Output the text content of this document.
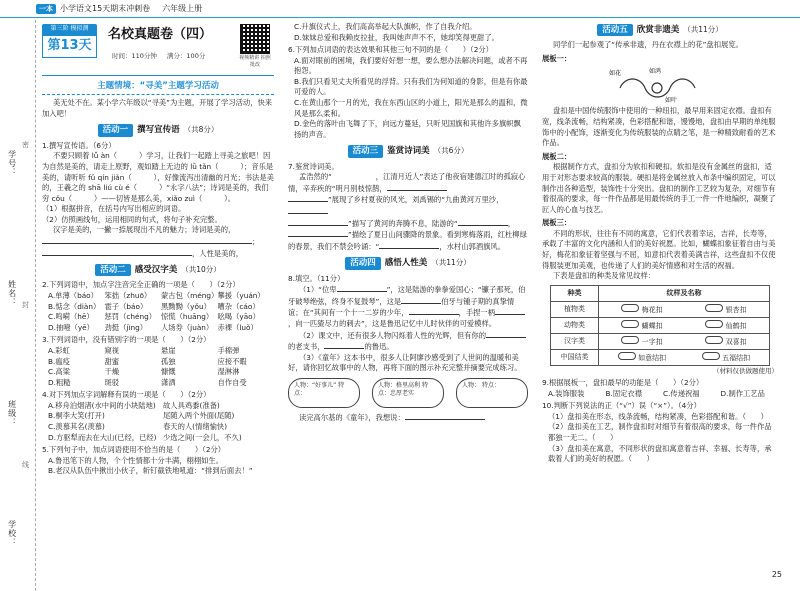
一本 小学语文15天期末冲刺卷 六年级上册
学号：
姓名：
班级：
学校：
密
封
线
第三阶 模拟测
第13天
名校真题卷（四）
时间：110分钟 满分：100分	视频精讲 拍照批改
主题情境：“寻美”主题学习活动

美无处不在。某小学六年级以“寻美”为主题，开展了学习活动，快来加入吧！

活动一	撰写宣传语 （共8分）

1.撰写宣传语。（6分）

不要只顾着 lǚ àn（　　　）学习，让我们一起踏上寻美之旅吧！因为自然是美的，请走上原野，观如踏上无边的 lǜ tǎn（　　　）；音乐是美的，请听听 fǔ qín jiǎn（　　　），好像流泻出清幽的月光；书法是美的，王羲之的 shā liú cù é（　　　）“永字八法”；诗词是美的，我们穷 cǒu（　　　）——切皆是那么美，xiǎo zuì（　　　）。

（1）根据拼音，在括号内写出相应的词语。

（2）仿照画线句，运用相同的句式，将句子补充完整。

汉字是美的，一撇一捺展现出不凡的魅力；诗词是美的，

；

，人性是美的，

活动二	感受汉字美 （共10分）

2.下列词语中，加点字注音完全正确的一项是（　　）（2分）

A.单薄（báo） 笨拙（zhuō）	蒙古包（méng） 攀援（yuán）
B.惦念（diàn） 雹子（báo）	黑黝黝（yǒu） 嘈杂（cáo）
C.鸣嗬（hē）	惩罚（chéng） 惊慌（huāng） 吆喝（yāo）
D.抽噎（yē）	劲挺（jìng）	人场券（juàn） 赤裸（luǒ）

3.下列词语中，没有错别字的一项是（　　）（2分）

A.彩虹	窥视	悬崖	手棉弹
B.瘟疫	甜蜜	孤独	应接不暇
C.高粱	干燥	慷慨	湿淋淋
D.粗糙	斑驳	潇洒	自作自受

4.对下列加点字词解释有误的一项是（　　）（2分）

A.移舟泊烟渚(水中间的小块陆地) 故人具鸡黍(准备)
B.桐李大笑(打开)	尾随入两个外面(尾随)
C.羡慕其名(羡慕)	春天的人(情绪愉快)
D.方驱犁而去在大山(已经，已经) 少选之间(一会儿，不久)

5.下列句子中，加点词语使用不恰当的是（　　）（2分）

A.鲁迅笔下的人物，个个性情都十分丰满，栩栩如生。

B.老汉从队伍中揪出小伙子，斩钉截铁地吼道：“排到后面去！”

C.升旗仪式上，我们高高举起大队旗帜，作了自我介绍。

D.妹妹总爱和我赖皮拉扯，我叫她声声不不，她却笑得更甜了。

6.下列加点词语的表达效果和其他三句不同的是（　　）（2分）

A.面对眼前的困境，我们要好好想一想，要么想办法解决问题，或者不再抱怨。

B.我们只看见丈夫所看见的浮背。只有我们为何知道的身影，但是有你最可爱的人。

C.在黄山那个一月的光，我在东西山区的小道上，阳光是那么的温和，微风是那么柔和。

D.金色的落叶由飞舞了下，向远方蔓延，只听见国旗和其他许多旗帜飘扬的声音。

活动三	鉴赏诗词美 （共6分）

7.鉴赏诗词美。

孟浩然的“　　　　　　，江清月近人”表达了他夜宿建德江时的孤寂心情，辛弃疾的“明月别枝惊鹊，

”展现了乡村夏夜的风光，刘禹锡的“九曲黄河万里沙，

”描写了黄河的奔腾不息，陆游的“	，

”描绘了夏日山间骤降的景象。看到寒梅落雨，红杜柳绿的春景，我们不禁会吟诵：“	，水村山郭酒旗风。

活动四	感悟人性美 （共11分）

8.填空。（11分）

（1）“位卑	”，这是陆游的拳拳爱国心；“镰子那死，伯牙破琴绝弦，终身不复鼓琴”，这是	伯牙与锺子期的真挚情谊；在“其间有一个十一二岁的少年，	，手捏一柄，向一匹猹尽力的刺去”，这是鲁迅记忆中儿时伙伴的可爱模样。

（2）课文中，还有很多人物闪烁着人性的光辉，但有你的的老支书，	的鲁迅。

（3）《童年》这本书中，很多人让阿廖沙感受到了人世间的温暖和美好，请你回忆故事中的人物，再将下面的图示补充完整并摘要完成练习。

人物：“好事儿” 特点：
人物：格里高利 特点：忠厚老实
人物： 特点：

读完高尔基的《童年》，我想说：

活动五	欣赏非遗美 （共11分）

同学们一起参观了“传承非遗，丹在衣襟上的花”盘扣展览。

展板一：

如花	如鸿
如叶

盘扣是中国传统服饰中使用的一种纽扣，最早用来固定衣襟。盘扣有宽，线条流畅，结构紧凑，色彩搭配和谐，馒馒地，盘扣由早期的单纯服饰中的小配饰，逐渐变化为传统服装的点睛之笔，是一种精致耐看的艺术作品。

展板二：

根据制作方式，盘扣分为软扣和硬扣。软扣是没有金属丝的盘扣，适用于对形态要求较高的服装。硬扣是将金属丝放入布条中编织固定，可以制作出各种造型，装饰性十分突出。盘扣的制作工艺较为复杂，对细节有着很高的要求，每一件作品都是用最传统的手工一件一件地编织，凝聚了匠人的心血与技艺。

展板三：

不同的形状，往往有不同的寓意，它们代表着幸运，吉祥，长寿等，承载了丰富的文化内涵和人们的美好祝愿。比如，蝴蝶扣象征着自由与美好，梅花扣象征着坚强与不屈，如意扣代表着美满吉祥，这些盘扣不仅使得服装更加美观，也传递了人们的美好情感和对生活的祝福。

下表是盘扣的种类及常见纹样：

种类	纹样及名称
植物类	梅花扣 银杏扣

动物类	蝴蝶扣 仙鹤扣

汉字类	一字扣 双喜扣

中国结类	如意结扣 五福结扣

（材料仅供做题使用）

9.根据展板一，盘扣最早的功能是（　　）（2分）

A.装饰服装	B.固定衣襟	C.传递祝福	D.制作工艺品

10.判断下列说法的正（“√”）误（“×”）。（4分）

（1）盘扣美在形态，线条流畅，结构紧凑，色彩搭配和谐。（　　）

（2）盘扣美在工艺，制作盘扣时对细节有着很高的要求，每一件作品都独一无二。（　　）

（3）盘扣美在寓意，不同形状的盘扣寓意着吉祥、幸福、长寿等，承载着人们的美好的祝愿。（　　）

25
